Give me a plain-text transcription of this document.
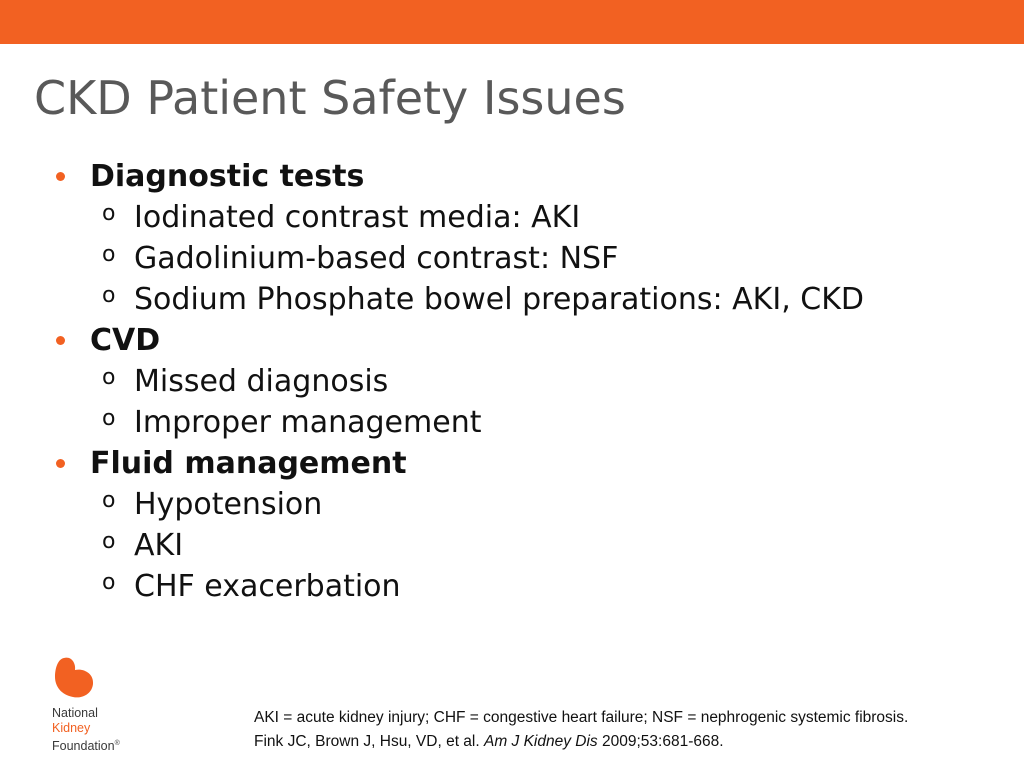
CKD Patient Safety Issues
Diagnostic tests
o Iodinated contrast media: AKI
o Gadolinium-based contrast: NSF
o Sodium Phosphate bowel preparations: AKI, CKD
CVD
o Missed diagnosis
o Improper management
Fluid management
o Hypotension
o AKI
o CHF exacerbation
National
Kidney
Foundation®
AKI = acute kidney injury; CHF = congestive heart failure; NSF = nephrogenic systemic fibrosis.
Fink JC, Brown J, Hsu, VD, et al. Am J Kidney Dis 2009;53:681-668.
